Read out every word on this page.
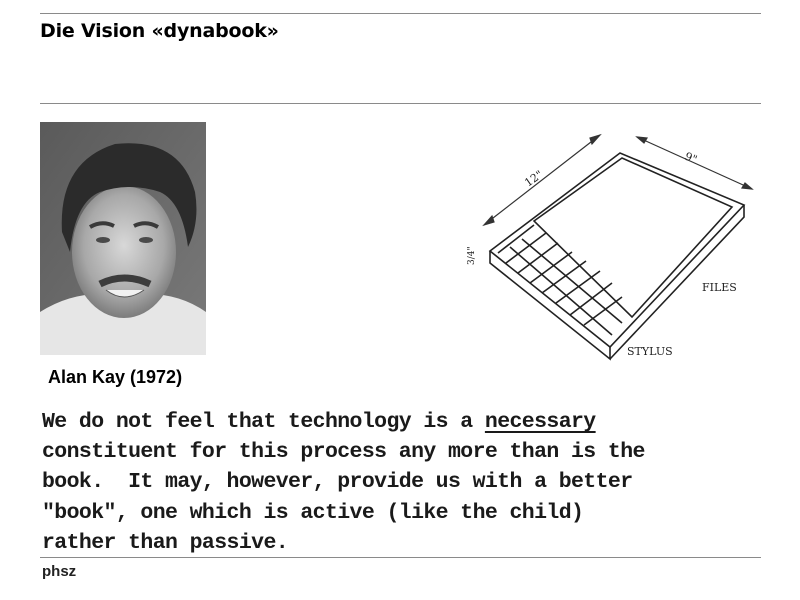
Die Vision «dynabook»
Alan Kay (1972)
12"
9"
3/4"
FILES
STYLUS
We do not feel that technology is a necessary
constituent for this process any more than is the
book.  It may, however, provide us with a better
"book", one which is active (like the child)
rather than passive.
phsz
